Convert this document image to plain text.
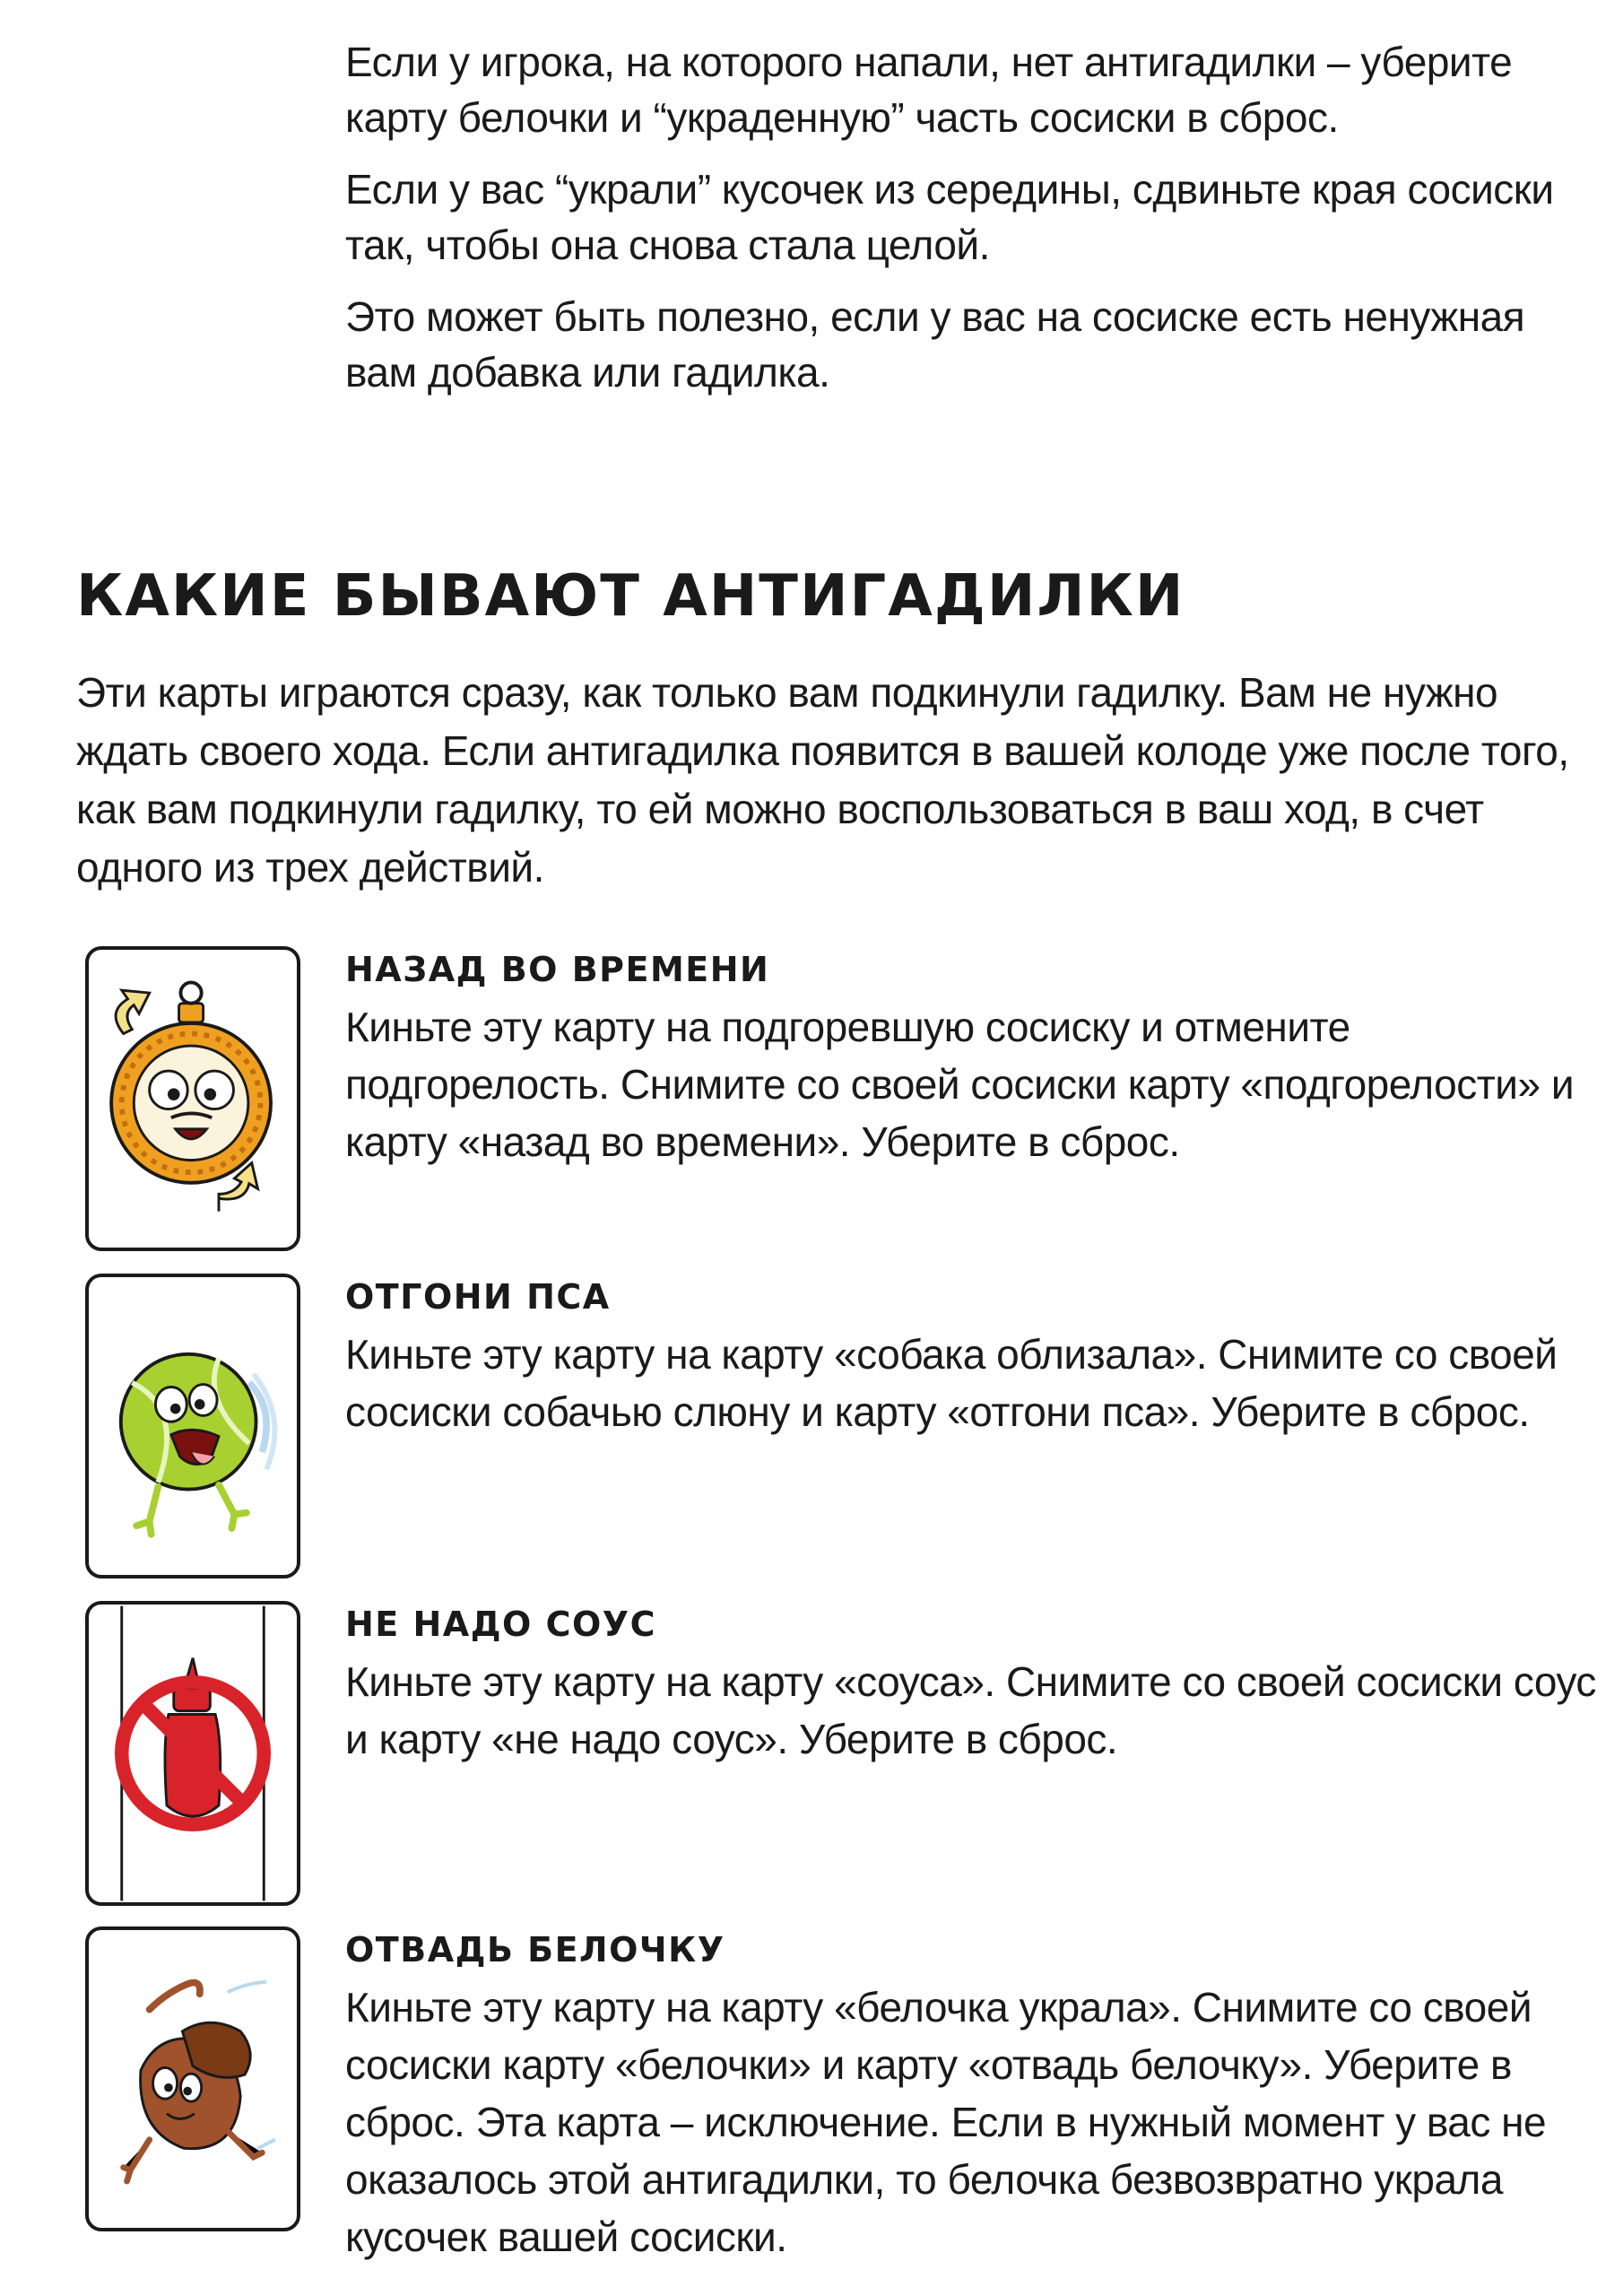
Если у игрока, на которого напали, нет антигадилки – уберите карту белочки и “украденную” часть сосиски в сброс.

Если у вас “украли” кусочек из середины, сдвиньте края сосиски так, чтобы она снова стала целой.

Это может быть полезно, если у вас на сосиске есть ненужная вам добавка или гадилка.

КАКИЕ БЫВАЮТ АНТИГАДИЛКИ

Эти карты играются сразу, как только вам подкинули гадилку. Вам не нужно ждать своего хода. Если антигадилка появится в вашей колоде уже после того, как вам подкинули гадилку, то ей можно воспользоваться в ваш ход, в счет одного из трех действий.

НАЗАД ВО ВРЕМЕНИ

Киньте эту карту на подгоревшую сосиску и отмените подгорелость. Снимите со своей сосиски карту «подгорелости» и карту «назад во времени». Уберите в сброс.

ОТГОНИ ПСА

Киньте эту карту на карту «собака облизала». Снимите со своей сосиски собачью слюну и карту «отгони пса». Уберите в сброс.

НЕ НАДО СОУС

Киньте эту карту на карту «соуса». Снимите со своей сосиски соус и карту «не надо соус». Уберите в сброс.

ОТВАДЬ БЕЛОЧКУ

Киньте эту карту на карту «белочка украла». Снимите со своей сосиски карту «белочки» и карту «отвадь белочку». Уберите в сброс. Эта карта – исключение. Если в нужный момент у вас не оказалось этой антигадилки, то белочка безвозвратно украла кусочек вашей сосиски.
